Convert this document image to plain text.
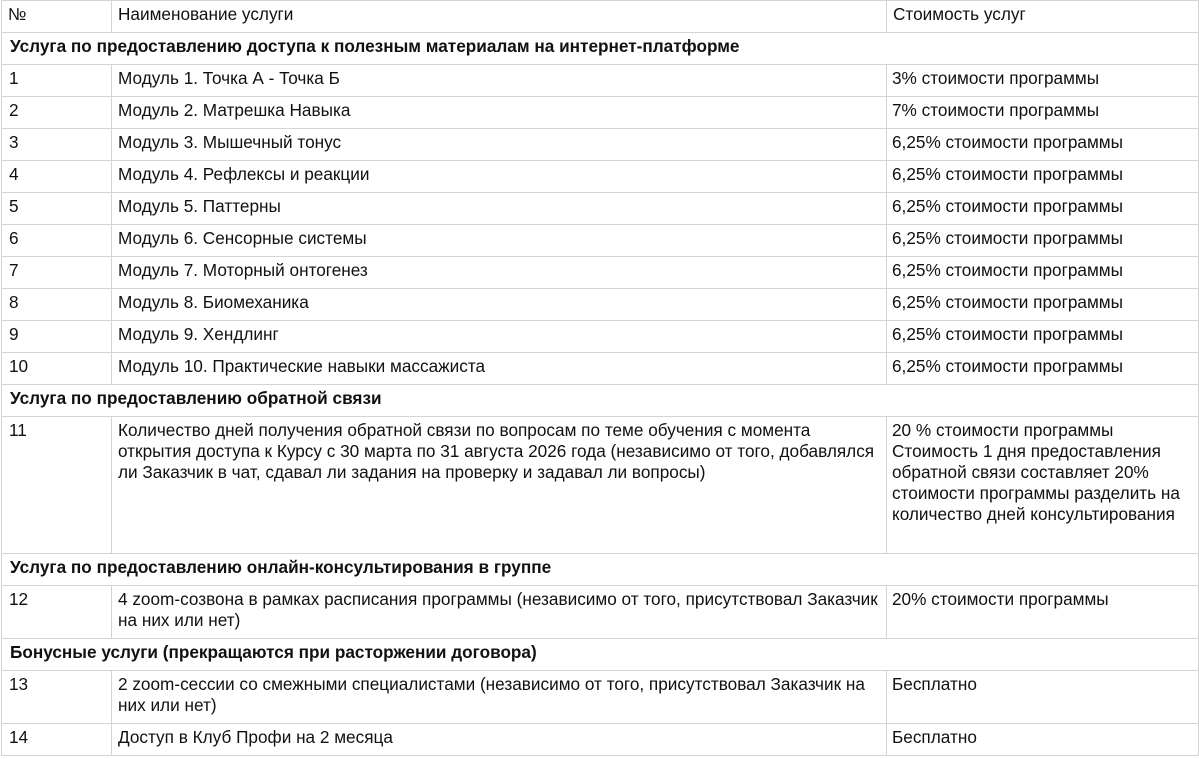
№	Наименование услуги	Стоимость услуг
Услуга по предоставлению доступа к полезным материалам на интернет-платформе		
1	Модуль 1. Точка А - Точка Б	3% стоимости программы
2	Модуль 2. Матрешка Навыка	7% стоимости программы
3	Модуль 3. Мышечный тонус	6,25% стоимости программы
4	Модуль 4. Рефлексы и реакции	6,25% стоимости программы
5	Модуль 5. Паттерны	6,25% стоимости программы
6	Модуль 6. Сенсорные системы	6,25% стоимости программы
7	Модуль 7. Моторный онтогенез	6,25% стоимости программы
8	Модуль 8. Биомеханика	6,25% стоимости программы
9	Модуль 9. Хендлинг	6,25% стоимости программы
10	Модуль 10. Практические навыки массажиста	6,25% стоимости программы
Услуга по предоставлению обратной связи		
11	Количество дней получения обратной связи по вопросам по теме обучения с момента открытия доступа к Курсу с 30 марта по 31 августа 2026 года (независимо от того, добавлялся ли Заказчик в чат, сдавал ли задания на проверку и задавал ли вопросы)	20 % стоимости программы Стоимость 1 дня предоставления обратной связи составляет 20% стоимости программы разделить на количество дней консультирования
Услуга по предоставлению онлайн-консультирования в группе		
12	4 zoom-созвона в рамках расписания программы (независимо от того, присутствовал Заказчик на них или нет)	20% стоимости программы
Бонусные услуги (прекращаются при расторжении договора)		
13	2 zoom-сессии со смежными специалистами (независимо от того, присутствовал Заказчик на них или нет)	Бесплатно
14	Доступ в Клуб Профи на 2 месяца	Бесплатно
